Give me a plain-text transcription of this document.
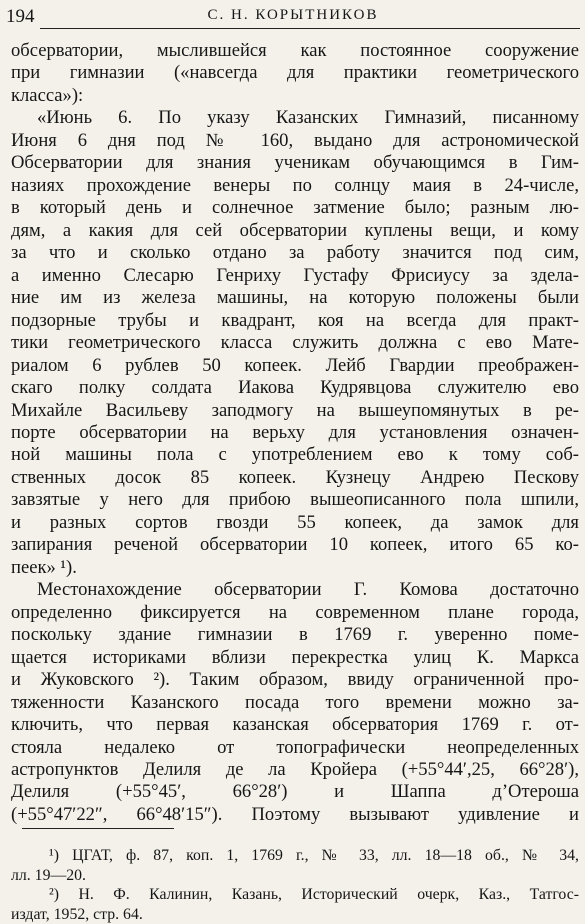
194	С. Н. КОРЫТНИКОВ
обсерватории, мыслившейся как постоянное сооружение
при гимназии («навсегда для практики геометрического
класса»):
«Июнь 6. По указу Казанских Гимназий, писанному
Июня 6 дня под № 160, выдано для астрономической
Обсерватории для знания ученикам обучающимся в Гим-
назиях прохождение венеры по солнцу маия в 24-числе,
в который день и солнечное затмение было; разным лю-
дям, а какия для сей обсерватории куплены вещи, и кому
за что и сколько отдано за работу значится под сим,
а именно Слесарю Генриху Густафу Фрисиусу за здела-
ние им из железа машины, на которую положены были
подзорные трубы и квадрант, коя на всегда для практ-
тики геометрического класса служить должна с ево Мате-
риалом 6 рублев 50 копеек. Лейб Гвардии преображен-
скаго полку солдата Иакова Кудрявцова служителю ево
Михайле Васильеву заподмогу на вышеупомянутых в ре-
порте обсерватории на верьху для установления означен-
ной машины пола с употреблением ево к тому соб-
ственных досок 85 копеек. Кузнецу Андрею Пескову
завзятые у него для прибою вышеописанного пола шпили,
и разных сортов гвозди 55 копеек, да замок для
запирания реченой обсерватории 10 копеек, итого 65 ко-
пеек» ¹).
Местонахождение обсерватории Г. Комова достаточно
определенно фиксируется на современном плане города,
поскольку здание гимназии в 1769 г. уверенно поме-
щается историками вблизи перекрестка улиц К. Маркса
и Жуковского ²). Таким образом, ввиду ограниченной про-
тяженности Казанского посада того времени можно за-
ключить, что первая казанская обсерватория 1769 г. от-
стояла недалеко от топографически неопределенных
астропунктов Делиля де ла Кройера (+55°44′,25, 66°28′),
Делиля (+55°45′, 66°28′) и Шаппа д’Отероша
(+55°47′22″, 66°48′15″). Поэтому вызывают удивление и
¹) ЦГАТ, ф. 87, коп. 1, 1769 г., № 33, лл. 18—18 об., № 34,
лл. 19—20.
²) Н. Ф. Калинин, Казань, Исторический очерк, Каз., Татгос-
издат, 1952, стр. 64.
